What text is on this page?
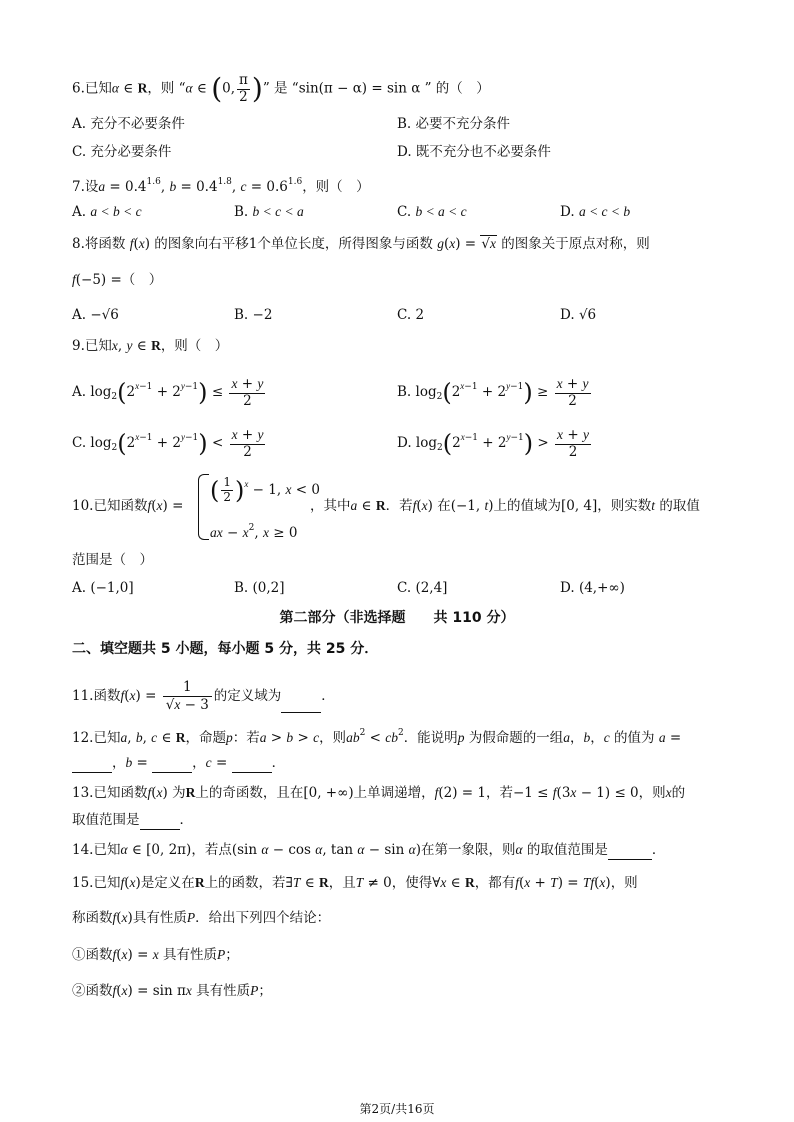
6.已知α ∈ R，则 “α ∈ (0, $\frac{\pi}{2}$ )” 是 “sin(π − α) = sin α ” 的（　）
A. 充分不必要条件	B. 必要不充分条件
C. 充分必要条件	D. 既不充分也不必要条件
7.设$a = 0.4^{1.6}$, $b = 0.4^{1.8}$, $c = 0.6^{1.6}$，则（　）
A. a < b < c	B. b < c < a	C. b < a < c	D. a < c < b
8.将函数 f(x) 的图象向右平移1个单位长度，所得图象与函数 g(x) = √x 的图象关于原点对称，则
f(−5) =（　）
A. −√6	B. −2	C. 2	D. √6
9.已知x, y ∈ R，则（　）
A. $\log_2(2^{x-1} + 2^{y-1}) \le \frac{x + y}{2}$	B. $\log_2(2^{x-1} + 2^{y-1}) \ge \frac{x + y}{2}$
C. $\log_2(2^{x-1} + 2^{y-1}) < \frac{x + y}{2}$	D. $\log_2(2^{x-1} + 2^{y-1}) > \frac{x + y}{2}$
10.已知函数f(x) =
( $\frac{1}{2} )^x - 1$, x < 0
ax − $x^2$, x ≥ 0
，其中a ∈ R．若f(x) 在(−1, t)上的值域为[0, 4]，则实数t 的取值
范围是（　）
A. (−1,0]	B. (0,2]	C. (2,4]	D. (4,+∞)
第二部分（非选择题　　共 110 分）
二、填空题共 5 小题，每小题 5 分，共 25 分．
11.函数$f(x) = \frac{1}{√x - 3}$ 的定义域为	．
12.已知a, b, c ∈ R，命题p：若a > b > c，则$ab^2 < cb^2$．能说明p 为假命题的一组a，b，c 的值为 a =
，b =	，c =	．
13.已知函数f(x) 为R上的奇函数，且在[0, +∞)上单调递增，f(2) = 1，若−1 ≤ f(3x − 1) ≤ 0，则x的
取值范围是	．
14.已知α ∈ [0, 2π)，若点(sin α − cos α, tan α − sin α)在第一象限，则α 的取值范围是	．
15.已知f(x)是定义在R上的函数，若∃T ∈ R，且T ≠ 0，使得∀x ∈ R，都有f(x + T) = Tf(x)，则
称函数f(x)具有性质P．给出下列四个结论：
①函数f(x) = x 具有性质P；
②函数f(x) = sin πx 具有性质P；
第2页/共16页
